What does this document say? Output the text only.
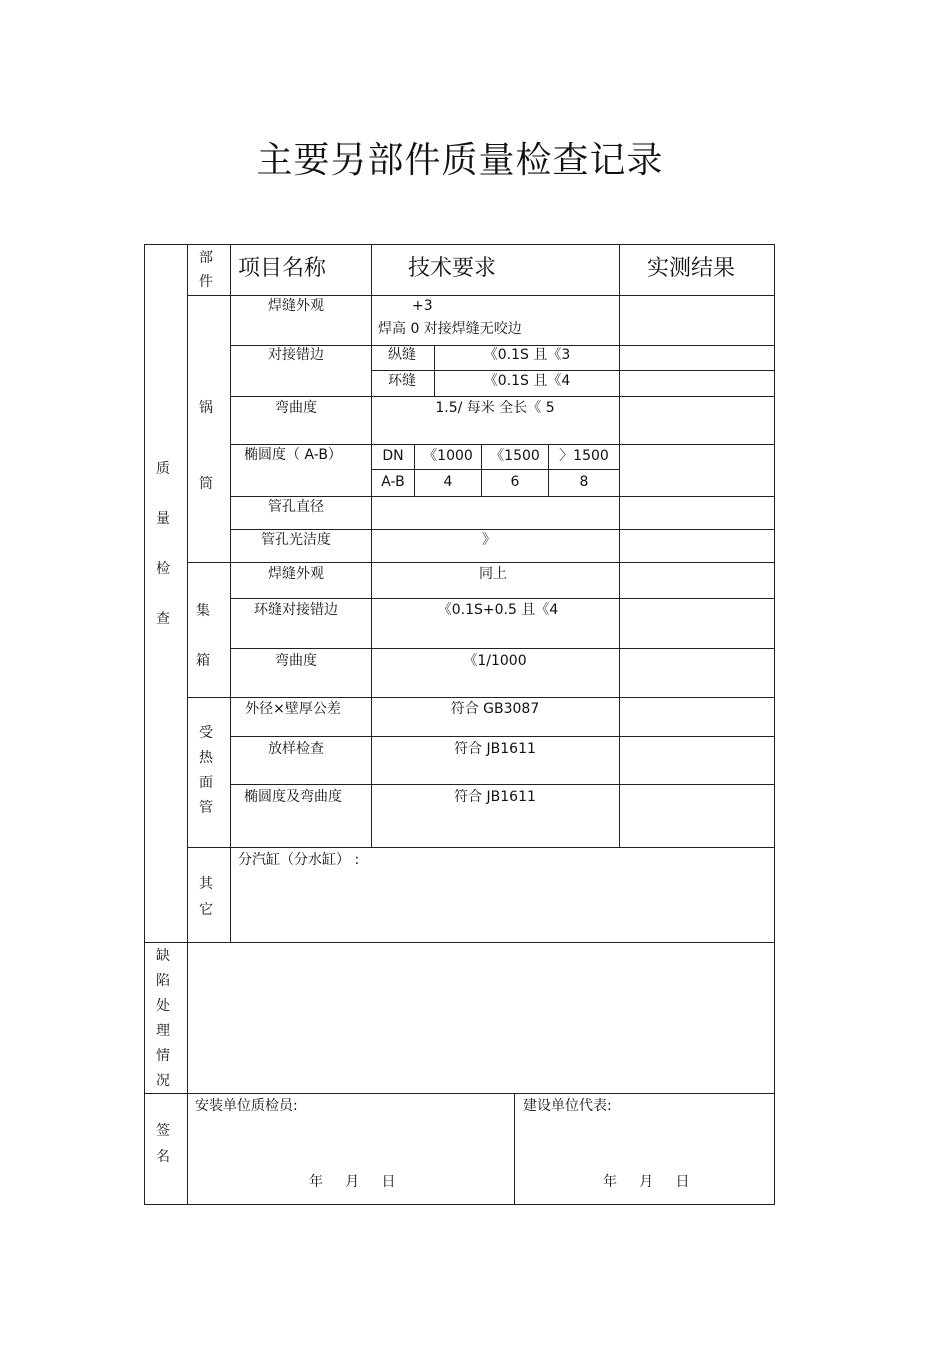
主要另部件质量检查记录
部
件
项目名称	技术要求	实测结果
质
量
检
查
锅
筒
焊缝外观	+3
焊高 0 对接焊缝无咬边
对接错边	纵缝	《0.1S 且《3
环缝	《0.1S 且《4
弯曲度	1.5/ 每米 全长《 5
椭圆度（ A-B）	DN	《1000	《1500	〉1500
A-B	4	6	8
管孔直径
管孔光洁度	》
集
箱
焊缝外观	同上
环缝对接错边	《0.1S+0.5 且《4
弯曲度	《1/1000
受
热
面
管
外径×壁厚公差	符合 GB3087
放样检查	符合 JB1611
椭圆度及弯曲度	符合 JB1611
其
它
分汽缸（分水缸） :
缺
陷
处
理
情
况
签
名
安装单位质检员:	建设单位代表:
年     月     日	年     月     日
